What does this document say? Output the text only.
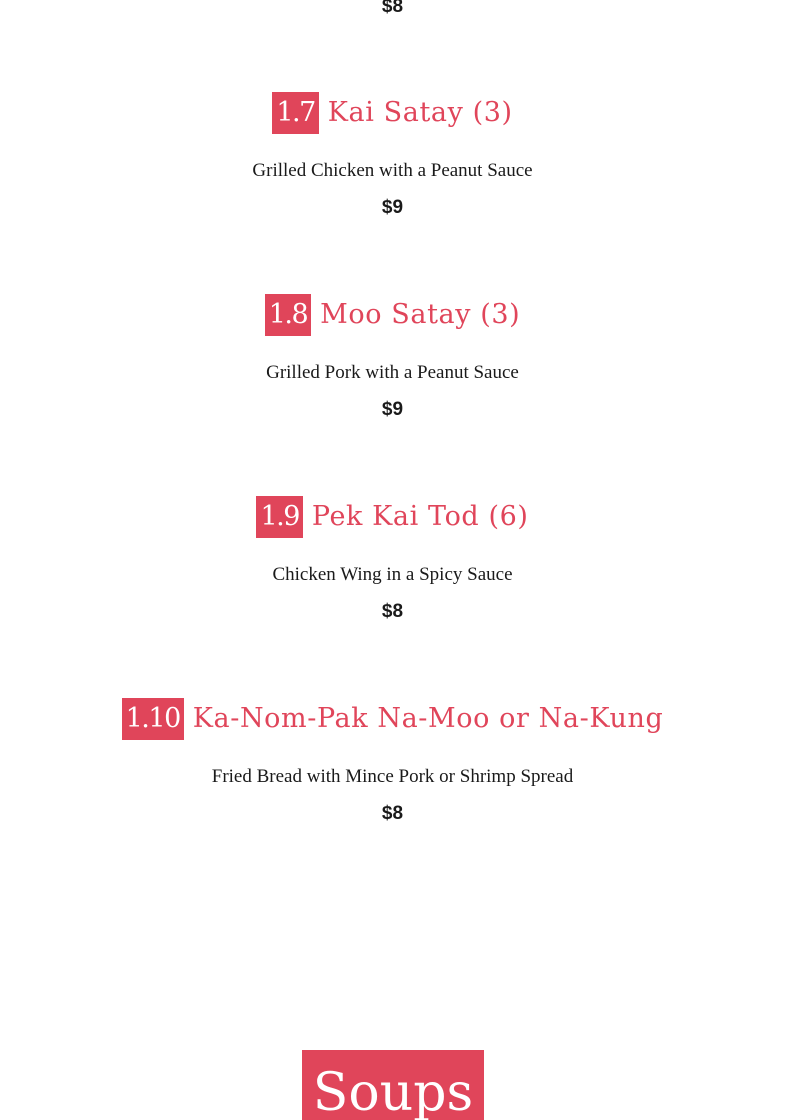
$8
1.7 Kai Satay (3)
Grilled Chicken with a Peanut Sauce
$9
1.8 Moo Satay (3)
Grilled Pork with a Peanut Sauce
$9
1.9 Pek Kai Tod (6)
Chicken Wing in a Spicy Sauce
$8
1.10 Ka-Nom-Pak Na-Moo or Na-Kung
Fried Bread with Mince Pork or Shrimp Spread
$8
Soups
